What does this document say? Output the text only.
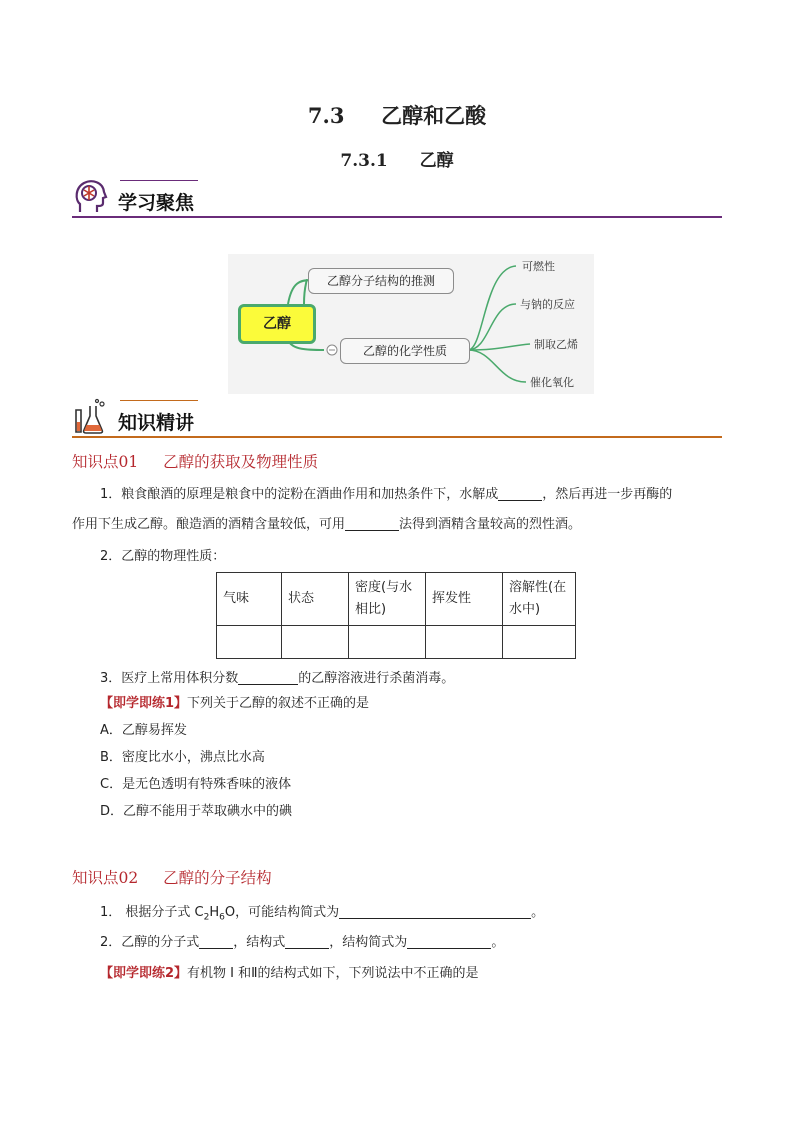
7.3 乙醇和乙酸
7.3.1 乙醇
学习聚焦
乙醇
乙醇分子结构的推测
乙醇的化学性质
可燃性
与钠的反应
制取乙烯
催化氧化
知识精讲
知识点01 乙醇的获取及物理性质
1．粮食酿酒的原理是粮食中的淀粉在酒曲作用和加热条件下，水解成	，然后再进一步再酶的
作用下生成乙醇。酿造酒的酒精含量较低，可用	法得到酒精含量较高的烈性酒。
2．乙醇的物理性质：
气味	状态	密度(与水相比)	挥发性	溶解性(在水中)

3．医疗上常用体积分数	的乙醇溶液进行杀菌消毒。
【即学即练1】下列关于乙醇的叙述不正确的是
A．乙醇易挥发
B．密度比水小，沸点比水高
C．是无色透明有特殊香味的液体
D．乙醇不能用于萃取碘水中的碘
知识点02 乙醇的分子结构
1． 根据分子式 $C_2H_6O$，可能结构简式为	。
2．乙醇的分子式	，结构式	，结构简式为	。
【即学即练2】有机物 I 和Ⅱ的结构式如下，下列说法中不正确的是
